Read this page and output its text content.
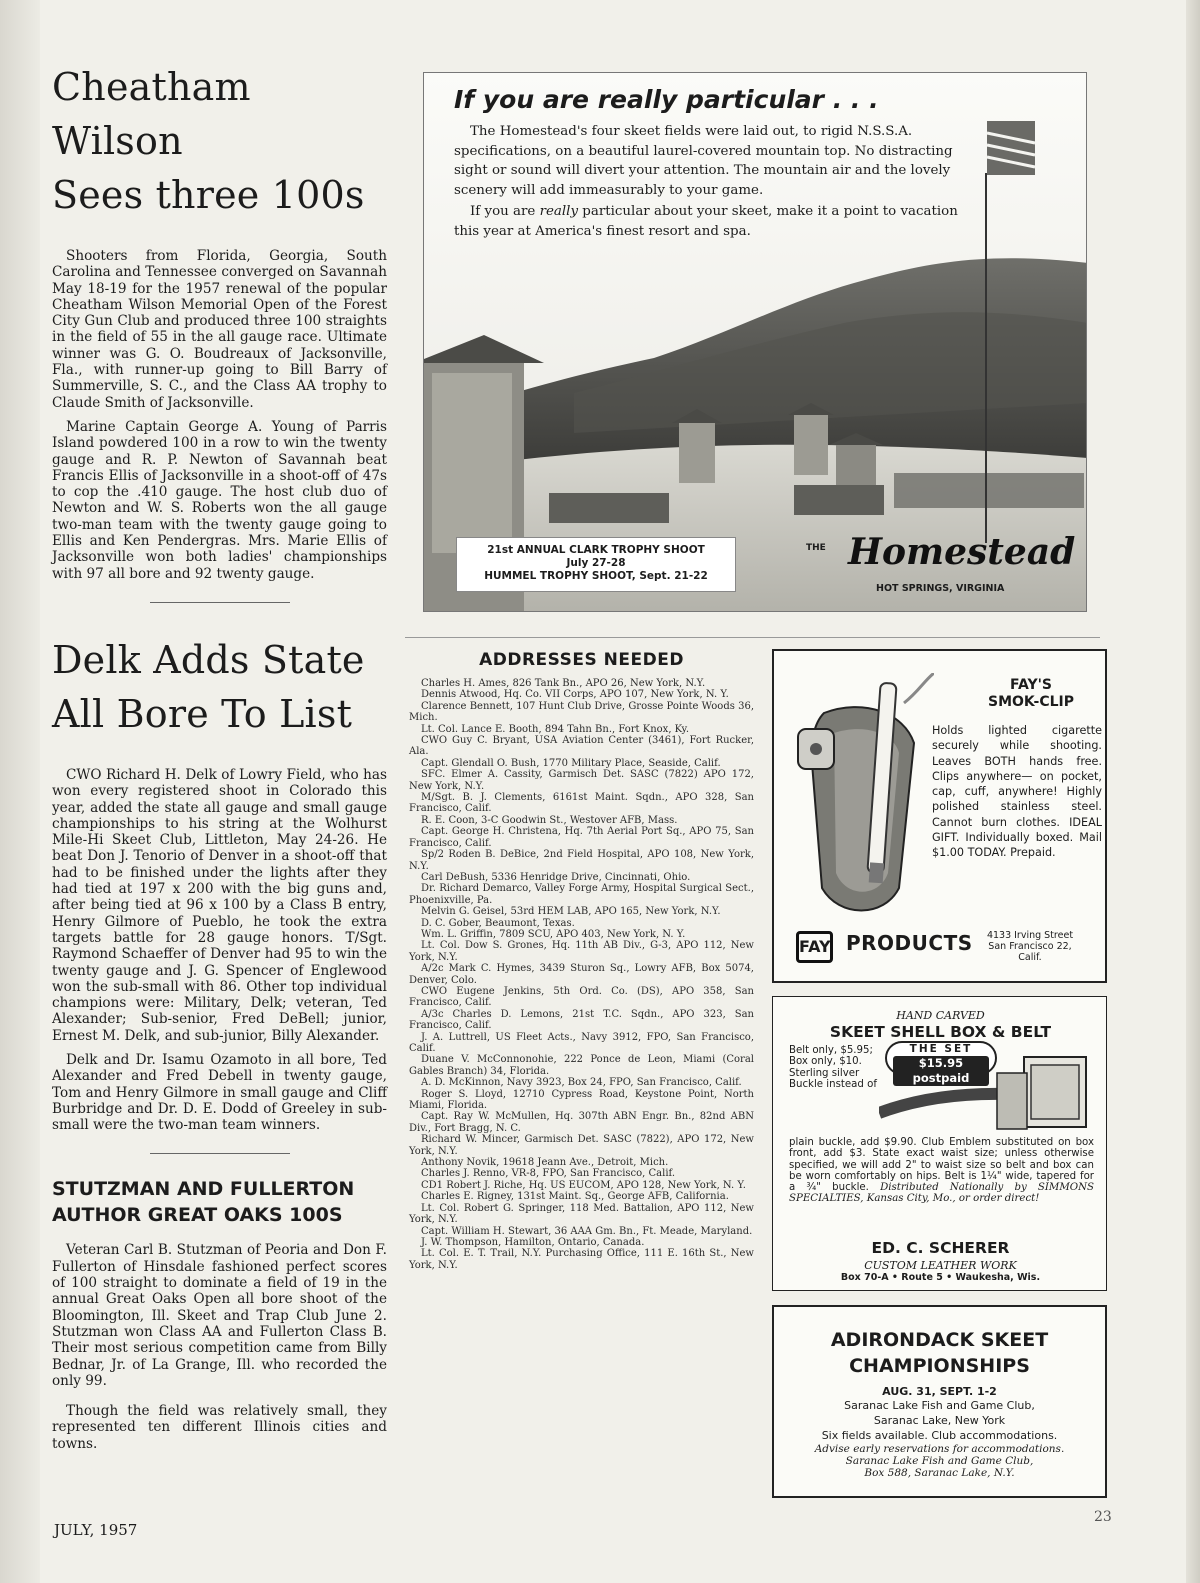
Cheatham Wilson
Sees three 100s

Shooters from Florida, Georgia, South Carolina and Tennessee converged on Savannah May 18-19 for the 1957 renewal of the popular Cheatham Wilson Memorial Open of the Forest City Gun Club and produced three 100 straights in the field of 55 in the all gauge race. Ultimate winner was G. O. Boudreaux of Jacksonville, Fla., with runner-up going to Bill Barry of Summerville, S. C., and the Class AA trophy to Claude Smith of Jacksonville.

Marine Captain George A. Young of Parris Island powdered 100 in a row to win the twenty gauge and R. P. Newton of Savannah beat Francis Ellis of Jacksonville in a shoot-off of 47s to cop the .410 gauge. The host club duo of Newton and W. S. Roberts won the all gauge two-man team with the twenty gauge going to Ellis and Ken Pendergras. Mrs. Marie Ellis of Jacksonville won both ladies' championships with 97 all bore and 92 twenty gauge.

Delk Adds State
All Bore To List

CWO Richard H. Delk of Lowry Field, who has won every registered shoot in Colorado this year, added the state all gauge and small gauge championships to his string at the Wolhurst Mile-Hi Skeet Club, Littleton, May 24-26. He beat Don J. Tenorio of Denver in a shoot-off that had to be finished under the lights after they had tied at 197 x 200 with the big guns and, after being tied at 96 x 100 by a Class B entry, Henry Gilmore of Pueblo, he took the extra targets battle for 28 gauge honors. T/Sgt. Raymond Schaeffer of Denver had 95 to win the twenty gauge and J. G. Spencer of Englewood won the sub-small with 86. Other top individual champions were: Military, Delk; veteran, Ted Alexander; Sub-senior, Fred DeBell; junior, Ernest M. Delk, and sub-junior, Billy Alexander.

Delk and Dr. Isamu Ozamoto in all bore, Ted Alexander and Fred Debell in twenty gauge, Tom and Henry Gilmore in small gauge and Cliff Burbridge and Dr. D. E. Dodd of Greeley in sub-small were the two-man team winners.

STUTZMAN AND FULLERTON
AUTHOR GREAT OAKS 100S

Veteran Carl B. Stutzman of Peoria and Don F. Fullerton of Hinsdale fashioned perfect scores of 100 straight to dominate a field of 19 in the annual Great Oaks Open all bore shoot of the Bloomington, Ill. Skeet and Trap Club June 2. Stutzman won Class AA and Fullerton Class B. Their most serious competition came from Billy Bednar, Jr. of La Grange, Ill. who recorded the only 99.

Though the field was relatively small, they represented ten different Illinois cities and towns.

JULY, 1957
23
If you are really particular . . .

The Homestead's four skeet fields were laid out, to rigid N.S.S.A. specifications, on a beautiful laurel-covered mountain top. No distracting sight or sound will divert your attention. The mountain air and the lovely scenery will add immeasurably to your game.

If you are really particular about your skeet, make it a point to vacation this year at America's finest resort and spa.

21st ANNUAL CLARK TROPHY SHOOT
July 27-28
HUMMEL TROPHY SHOOT, Sept. 21-22
THE Homestead
HOT SPRINGS, VIRGINIA
ADDRESSES NEEDED

Charles H. Ames, 826 Tank Bn., APO 26, New York, N.Y.

Dennis Atwood, Hq. Co. VII Corps, APO 107, New York, N. Y.

Clarence Bennett, 107 Hunt Club Drive, Grosse Pointe Woods 36, Mich.

Lt. Col. Lance E. Booth, 894 Tahn Bn., Fort Knox, Ky.

CWO Guy C. Bryant, USA Aviation Center (3461), Fort Rucker, Ala.

Capt. Glendall O. Bush, 1770 Military Place, Seaside, Calif.

SFC. Elmer A. Cassity, Garmisch Det. SASC (7822) APO 172, New York, N.Y.

M/Sgt. B. J. Clements, 6161st Maint. Sqdn., APO 328, San Francisco, Calif.

R. E. Coon, 3-C Goodwin St., Westover AFB, Mass.

Capt. George H. Christena, Hq. 7th Aerial Port Sq., APO 75, San Francisco, Calif.

Sp/2 Roden B. DeBice, 2nd Field Hospital, APO 108, New York, N.Y.

Carl DeBush, 5336 Henridge Drive, Cincinnati, Ohio.

Dr. Richard Demarco, Valley Forge Army, Hospital Surgical Sect., Phoenixville, Pa.

Melvin G. Geisel, 53rd HEM LAB, APO 165, New York, N.Y.

D. C. Gober, Beaumont, Texas.

Wm. L. Griffin, 7809 SCU, APO 403, New York, N. Y.

Lt. Col. Dow S. Grones, Hq. 11th AB Div., G-3, APO 112, New York, N.Y.

A/2c Mark C. Hymes, 3439 Sturon Sq., Lowry AFB, Box 5074, Denver, Colo.

CWO Eugene Jenkins, 5th Ord. Co. (DS), APO 358, San Francisco, Calif.

A/3c Charles D. Lemons, 21st T.C. Sqdn., APO 323, San Francisco, Calif.

J. A. Luttrell, US Fleet Acts., Navy 3912, FPO, San Francisco, Calif.

Duane V. McConnonohie, 222 Ponce de Leon, Miami (Coral Gables Branch) 34, Florida.

A. D. McKinnon, Navy 3923, Box 24, FPO, San Francisco, Calif.

Roger S. Lloyd, 12710 Cypress Road, Keystone Point, North Miami, Florida.

Capt. Ray W. McMullen, Hq. 307th ABN Engr. Bn., 82nd ABN Div., Fort Bragg, N. C.

Richard W. Mincer, Garmisch Det. SASC (7822), APO 172, New York, N.Y.

Anthony Novik, 19618 Jeann Ave., Detroit, Mich.

Charles J. Renno, VR-8, FPO, San Francisco, Calif.

CD1 Robert J. Riche, Hq. US EUCOM, APO 128, New York, N. Y.

Charles E. Rigney, 131st Maint. Sq., George AFB, California.

Lt. Col. Robert G. Springer, 118 Med. Battalion, APO 112, New York, N.Y.

Capt. William H. Stewart, 36 AAA Gm. Bn., Ft. Meade, Maryland.

J. W. Thompson, Hamilton, Ontario, Canada.

Lt. Col. E. T. Trail, N.Y. Purchasing Office, 111 E. 16th St., New York, N.Y.

FAY'S
SMOK-CLIP
Holds lighted cigarette securely while shooting. Leaves BOTH hands free. Clips anywhere— on pocket, cap, cuff, anywhere! Highly polished stainless steel. Cannot burn clothes. IDEAL GIFT. Individually boxed. Mail $1.00 TODAY. Prepaid.
FAY PRODUCTS	4133 Irving Street
San Francisco 22,
Calif.
HAND CARVED
SKEET SHELL BOX & BELT
Belt only, $5.95; Box only, $10. Sterling silver Buckle instead of
THE SET
$15.95 postpaid
plain buckle, add $9.90. Club Emblem substituted on box front, add $3. State exact waist size; unless otherwise specified, we will add 2" to waist size so belt and box can be worn comfortably on hips. Belt is 1¼" wide, tapered for a ¾" buckle. Distributed Nationally by SIMMONS SPECIALTIES, Kansas City, Mo., or order direct!
ED. C. SCHERER
CUSTOM LEATHER WORK
Box 70-A • Route 5 • Waukesha, Wis.
ADIRONDACK SKEET
CHAMPIONSHIPS
AUG. 31, SEPT. 1-2
Saranac Lake Fish and Game Club,
Saranac Lake, New York
Six fields available. Club accommodations.
Advise early reservations for accommodations.
Saranac Lake Fish and Game Club,
Box 588, Saranac Lake, N.Y.
